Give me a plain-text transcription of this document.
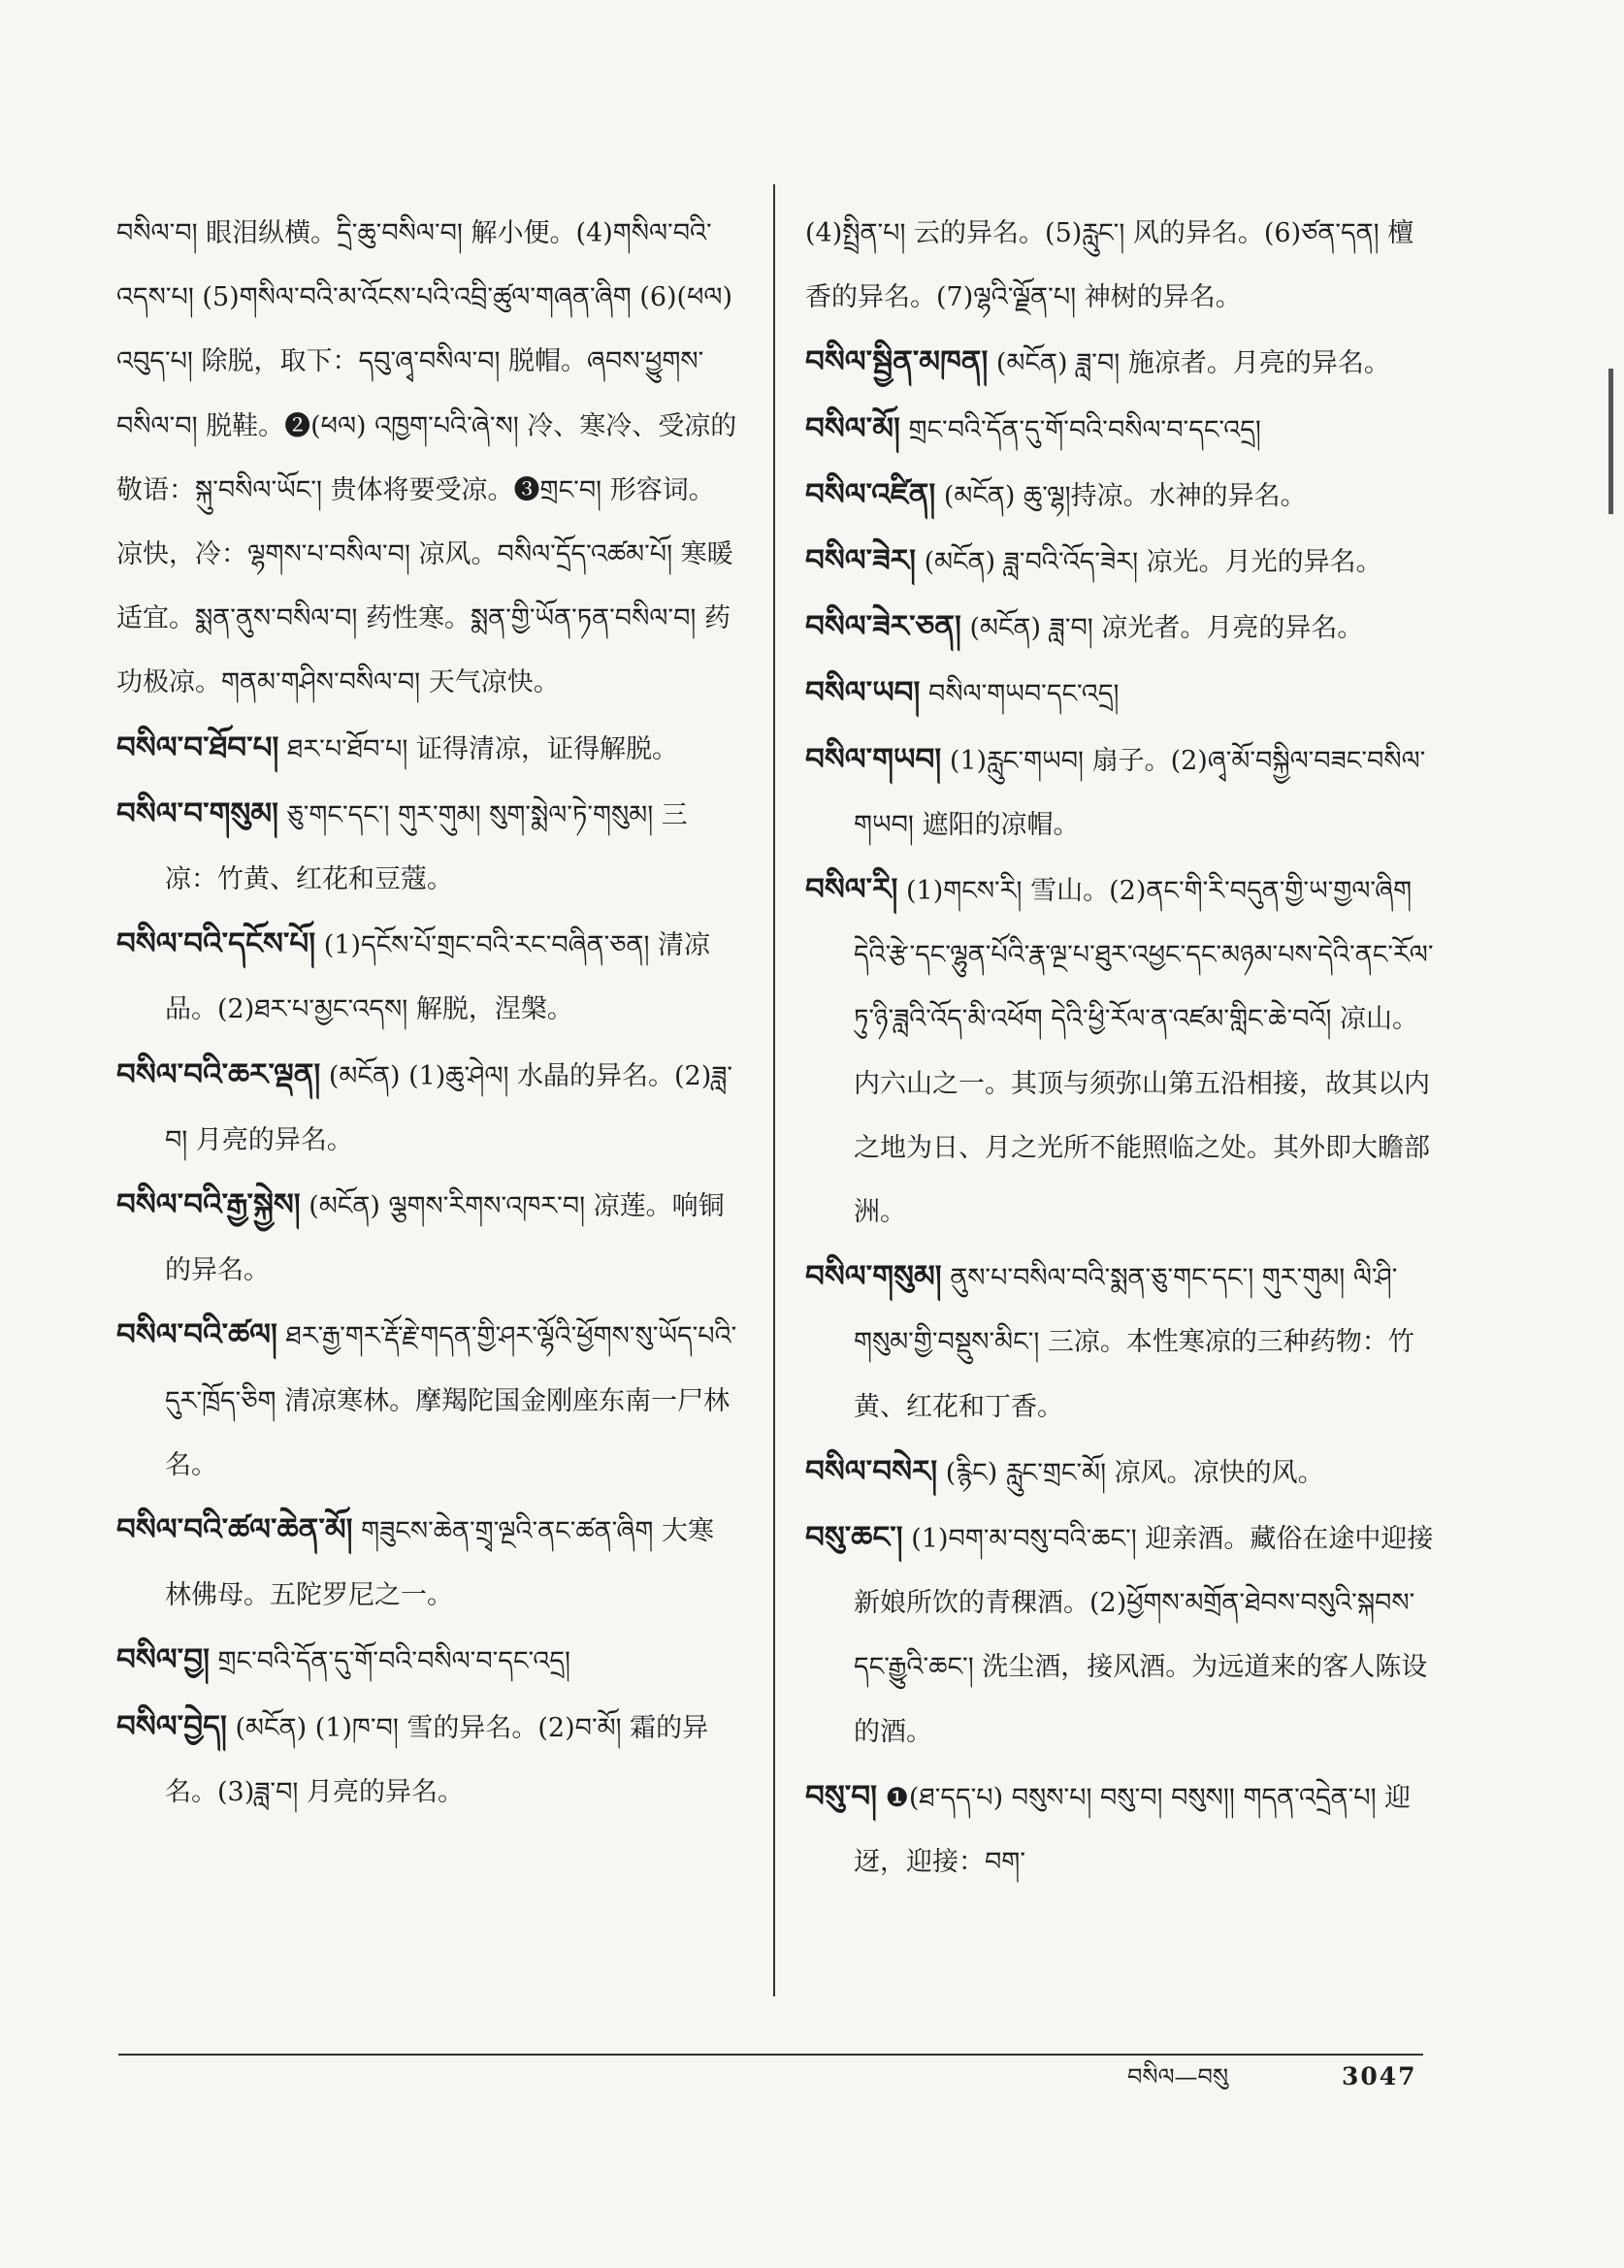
བསིལ་བ། 眼泪纵横。དྲི་ཆུ་བསིལ་བ། 解小便。(4)གསིལ་བའི་འདས་པ། (5)གསིལ་བའི་མ་འོངས་པའི་འབྲི་ཚུལ་གཞན་ཞིག (6)(ཕལ) འབུད་པ། 除脱，取下：དབུ་ཞྭ་བསིལ་བ། 脱帽。ཞབས་ཕྱུགས་བསིལ་བ། 脱鞋。❷(ཕལ) འཁྱག་པའི་ཞེ་ས། 冷、寒冷、受凉的敬语：སྐུ་བསིལ་ཡོང་། 贵体将要受凉。❸གྲང་བ། 形容词。凉快，冷：ལྷགས་པ་བསིལ་བ། 凉风。བསིལ་དྲོད་འཚམ་པོ། 寒暖适宜。སྨན་ནུས་བསིལ་བ། 药性寒。སྨན་གྱི་ཡོན་ཏན་བསིལ་བ། 药功极凉。གནམ་གཤིས་བསིལ་བ། 天气凉快。

བསིལ་བ་ཐོབ་པ། ཐར་པ་ཐོབ་པ། 证得清凉，证得解脱。

བསིལ་བ་གསུམ། ཅུ་གང་དང་། གུར་གུམ། སུག་སྨེལ་ཏེ་གསུམ། 三凉：竹黄、红花和豆蔻。

བསིལ་བའི་དངོས་པོ། (1)དངོས་པོ་གྲང་བའི་རང་བཞིན་ཅན། 清凉品。(2)ཐར་པ་མྱང་འདས། 解脱，涅槃。

བསིལ་བའི་ཆར་ལྡན། (མངོན) (1)ཆུ་ཤེལ། 水晶的异名。(2)ཟླ་བ། 月亮的异名。

བསིལ་བའི་རྒྱ་སྐྱེས། (མངོན) ལྕགས་རིགས་འཁར་བ། 凉莲。响铜的异名。

བསིལ་བའི་ཚལ། ཐར་རྒྱ་གར་རྡོ་རྗེ་གདན་གྱི་ཤར་ལྷོའི་ཕྱོགས་སུ་ཡོད་པའི་དུར་ཁྲོད་ཅིག 清凉寒林。摩羯陀国金刚座东南一尸林名。

བསིལ་བའི་ཚལ་ཆེན་མོ། གཟུངས་ཆེན་གྲྭ་ལྔའི་ནང་ཚན་ཞིག 大寒林佛母。五陀罗尼之一。

བསིལ་བྱ། གྲང་བའི་དོན་དུ་གོ་བའི་བསིལ་བ་དང་འདྲ།

བསིལ་བྱེད། (མངོན) (1)ཁ་བ། 雪的异名。(2)བ་མོ། 霜的异名。(3)ཟླ་བ། 月亮的异名。

(4)སྤྲིན་པ། 云的异名。(5)རླུང་། 风的异名。(6)ཙན་དན། 檀香的异名。(7)ལྷའི་ལྗོན་པ། 神树的异名。

བསིལ་སྦྱིན་མཁན། (མངོན) ཟླ་བ། 施凉者。月亮的异名。

བསིལ་མོ། གྲང་བའི་དོན་དུ་གོ་བའི་བསིལ་བ་དང་འདྲ།

བསིལ་འཛིན། (མངོན) ཆུ་ལྷ།持凉。水神的异名。

བསིལ་ཟེར། (མངོན) ཟླ་བའི་འོད་ཟེར། 凉光。月光的异名。

བསིལ་ཟེར་ཅན། (མངོན) ཟླ་བ། 凉光者。月亮的异名。

བསིལ་ཡབ། བསིལ་གཡབ་དང་འདྲ།

བསིལ་གཡབ། (1)རླུང་གཡབ། 扇子。(2)ཞྭ་མོ་བསྐྱིལ་བཟང་བསིལ་གཡབ། 遮阳的凉帽。

བསིལ་རི། (1)གངས་རི། 雪山。(2)ནང་གི་རི་བདུན་གྱི་ཡ་གྱལ་ཞིག དེའི་རྩེ་དང་ལྷུན་པོའི་རྣ་ལྔ་པ་ཐུར་འཕྱང་དང་མཉམ་པས་དེའི་ནང་རོལ་ཏུ་ཉི་ཟླའི་འོད་མི་འཕོག དེའི་ཕྱི་རོལ་ན་འཛམ་གླིང་ཆེ་བའོ། 凉山。内六山之一。其顶与须弥山第五沿相接，故其以内之地为日、月之光所不能照临之处。其外即大瞻部洲。

བསིལ་གསུམ། ནུས་པ་བསིལ་བའི་སྨན་ཅུ་གང་དང་། གུར་གུམ། ལི་ཤི་གསུམ་གྱི་བསྡུས་མིང་། 三凉。本性寒凉的三种药物：竹黄、红花和丁香。

བསིལ་བསེར། (རྙིང) རླུང་གྲང་མོ། 凉风。凉快的风。

བསུ་ཆང་། (1)བག་མ་བསུ་བའི་ཆང་། 迎亲酒。藏俗在途中迎接新娘所饮的青稞酒。(2)ཕྱོགས་མགྲོན་ཐེབས་བསུའི་སྐབས་དང་རྒྱུའི་ཆང་། 洗尘酒，接风酒。为远道来的客人陈设的酒。

བསུ་བ། ❶(ཐ་དད་པ) བསུས་པ། བསུ་བ། བསུས།། གདན་འདྲེན་པ། 迎迓，迎接：བག་

བསིལ—བསུ	3047
